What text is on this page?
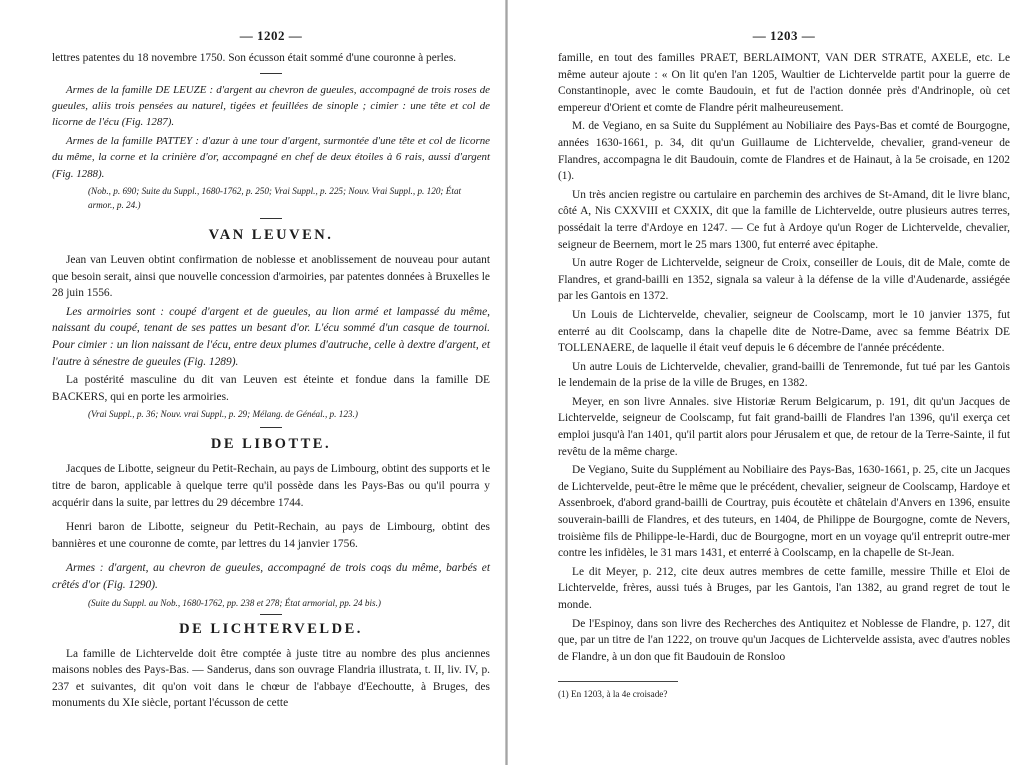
— 1202 —

lettres patentes du 18 novembre 1750. Son écusson était sommé d'une couronne à perles.

Armes de la famille DE LEUZE : d'argent au chevron de gueules, accompagné de trois roses de gueules, aliis trois pensées au naturel, tigées et feuillées de sinople ; cimier : une tête et col de licorne de l'écu (Fig. 1287).

Armes de la famille PATTEY : d'azur à une tour d'argent, surmontée d'une tête et col de licorne du même, la corne et la crinière d'or, accompagné en chef de deux étoiles à 6 rais, aussi d'argent (Fig. 1288).

(Nob., p. 690; Suite du Suppl., 1680-1762, p. 250; Vrai Suppl., p. 225; Nouv. Vrai Suppl., p. 120; État armor., p. 24.)

VAN LEUVEN.

Jean van Leuven obtint confirmation de noblesse et anoblissement de nouveau pour autant que besoin serait, ainsi que nouvelle concession d'armoiries, par patentes données à Bruxelles le 28 juin 1556.

Les armoiries sont : coupé d'argent et de gueules, au lion armé et lampassé du même, naissant du coupé, tenant de ses pattes un besant d'or. L'écu sommé d'un casque de tournoi. Pour cimier : un lion naissant de l'écu, entre deux plumes d'autruche, celle à dextre d'argent, et l'autre à sénestre de gueules (Fig. 1289).

La postérité masculine du dit van Leuven est éteinte et fondue dans la famille DE BACKERS, qui en porte les armoiries.

(Vrai Suppl., p. 36; Nouv. vrai Suppl., p. 29; Mélang. de Généal., p. 123.)

DE LIBOTTE.

Jacques de Libotte, seigneur du Petit-Rechain, au pays de Limbourg, obtint des supports et le titre de baron, applicable à quelque terre qu'il possède dans les Pays-Bas ou qu'il pourra y acquérir dans la suite, par lettres du 29 décembre 1744.

Henri baron de Libotte, seigneur du Petit-Rechain, au pays de Limbourg, obtint des bannières et une couronne de comte, par lettres du 14 janvier 1756.

Armes : d'argent, au chevron de gueules, accompagné de trois coqs du même, barbés et crêtés d'or (Fig. 1290).

(Suite du Suppl. au Nob., 1680-1762, pp. 238 et 278; État armorial, pp. 24 bis.)

DE LICHTERVELDE.

La famille de Lichtervelde doit être comptée à juste titre au nombre des plus anciennes maisons nobles des Pays-Bas. — Sanderus, dans son ouvrage Flandria illustrata, t. II, liv. IV, p. 237 et suivantes, dit qu'on voit dans le chœur de l'abbaye d'Eechoutte, à Bruges, des monuments du XIe siècle, portant l'écusson de cette

— 1203 —

famille, en tout des familles PRAET, BERLAIMONT, VAN DER STRATE, AXELE, etc. Le même auteur ajoute : « On lit qu'en l'an 1205, Waultier de Lichtervelde partit pour la guerre de Constantinople, avec le comte Baudouin, et fut de l'action donnée près d'Andrinople, où cet empereur d'Orient et comte de Flandre périt malheureusement.

M. de Vegiano, en sa Suite du Supplément au Nobiliaire des Pays-Bas et comté de Bourgogne, années 1630-1661, p. 34, dit qu'un Guillaume de Lichtervelde, chevalier, grand-veneur de Flandres, accompagna le dit Baudouin, comte de Flandres et de Hainaut, à la 5e croisade, en 1202 (1).

Un très ancien registre ou cartulaire en parchemin des archives de St-Amand, dit le livre blanc, côté A, Nis CXXVIII et CXXIX, dit que la famille de Lichtervelde, outre plusieurs autres terres, possédait la terre d'Ardoye en 1247. — Ce fut à Ardoye qu'un Roger de Lichtervelde, chevalier, seigneur de Beernem, mort le 25 mars 1300, fut enterré avec épitaphe.

Un autre Roger de Lichtervelde, seigneur de Croix, conseiller de Louis, dit de Male, comte de Flandres, et grand-bailli en 1352, signala sa valeur à la défense de la ville d'Audenarde, assiégée par les Gantois en 1372.

Un Louis de Lichtervelde, chevalier, seigneur de Coolscamp, mort le 10 janvier 1375, fut enterré au dit Coolscamp, dans la chapelle dite de Notre-Dame, avec sa femme Béatrix DE TOLLENAERE, de laquelle il était veuf depuis le 6 décembre de l'année précédente.

Un autre Louis de Lichtervelde, chevalier, grand-bailli de Tenremonde, fut tué par les Gantois le lendemain de la prise de la ville de Bruges, en 1382.

Meyer, en son livre Annales. sive Historiæ Rerum Belgicarum, p. 191, dit qu'un Jacques de Lichtervelde, seigneur de Coolscamp, fut fait grand-bailli de Flandres l'an 1396, qu'il exerça cet emploi jusqu'à l'an 1401, qu'il partit alors pour Jérusalem et que, de retour de la Terre-Sainte, il fut revêtu de la même charge.

De Vegiano, Suite du Supplément au Nobiliaire des Pays-Bas, 1630-1661, p. 25, cite un Jacques de Lichtervelde, peut-être le même que le précédent, chevalier, seigneur de Coolscamp, Hardoye et Assenbroek, d'abord grand-bailli de Courtray, puis écoutète et châtelain d'Anvers en 1396, ensuite souverain-bailli de Flandres, et des tuteurs, en 1404, de Philippe de Bourgogne, comte de Nevers, troisième fils de Philippe-le-Hardi, duc de Bourgogne, mort en un voyage qu'il entreprit outre-mer contre les infidèles, le 31 mars 1431, et enterré à Coolscamp, en la chapelle de St-Jean.

Le dit Meyer, p. 212, cite deux autres membres de cette famille, messire Thille et Eloi de Lichtervelde, frères, aussi tués à Bruges, par les Gantois, l'an 1382, au grand regret de tout le monde.

De l'Espinoy, dans son livre des Recherches des Antiquitez et Noblesse de Flandre, p. 127, dit que, par un titre de l'an 1222, on trouve qu'un Jacques de Lichtervelde assista, avec d'autres nobles de Flandre, à un don que fit Baudouin de Ronsloo

(1) En 1203, à la 4e croisade?
